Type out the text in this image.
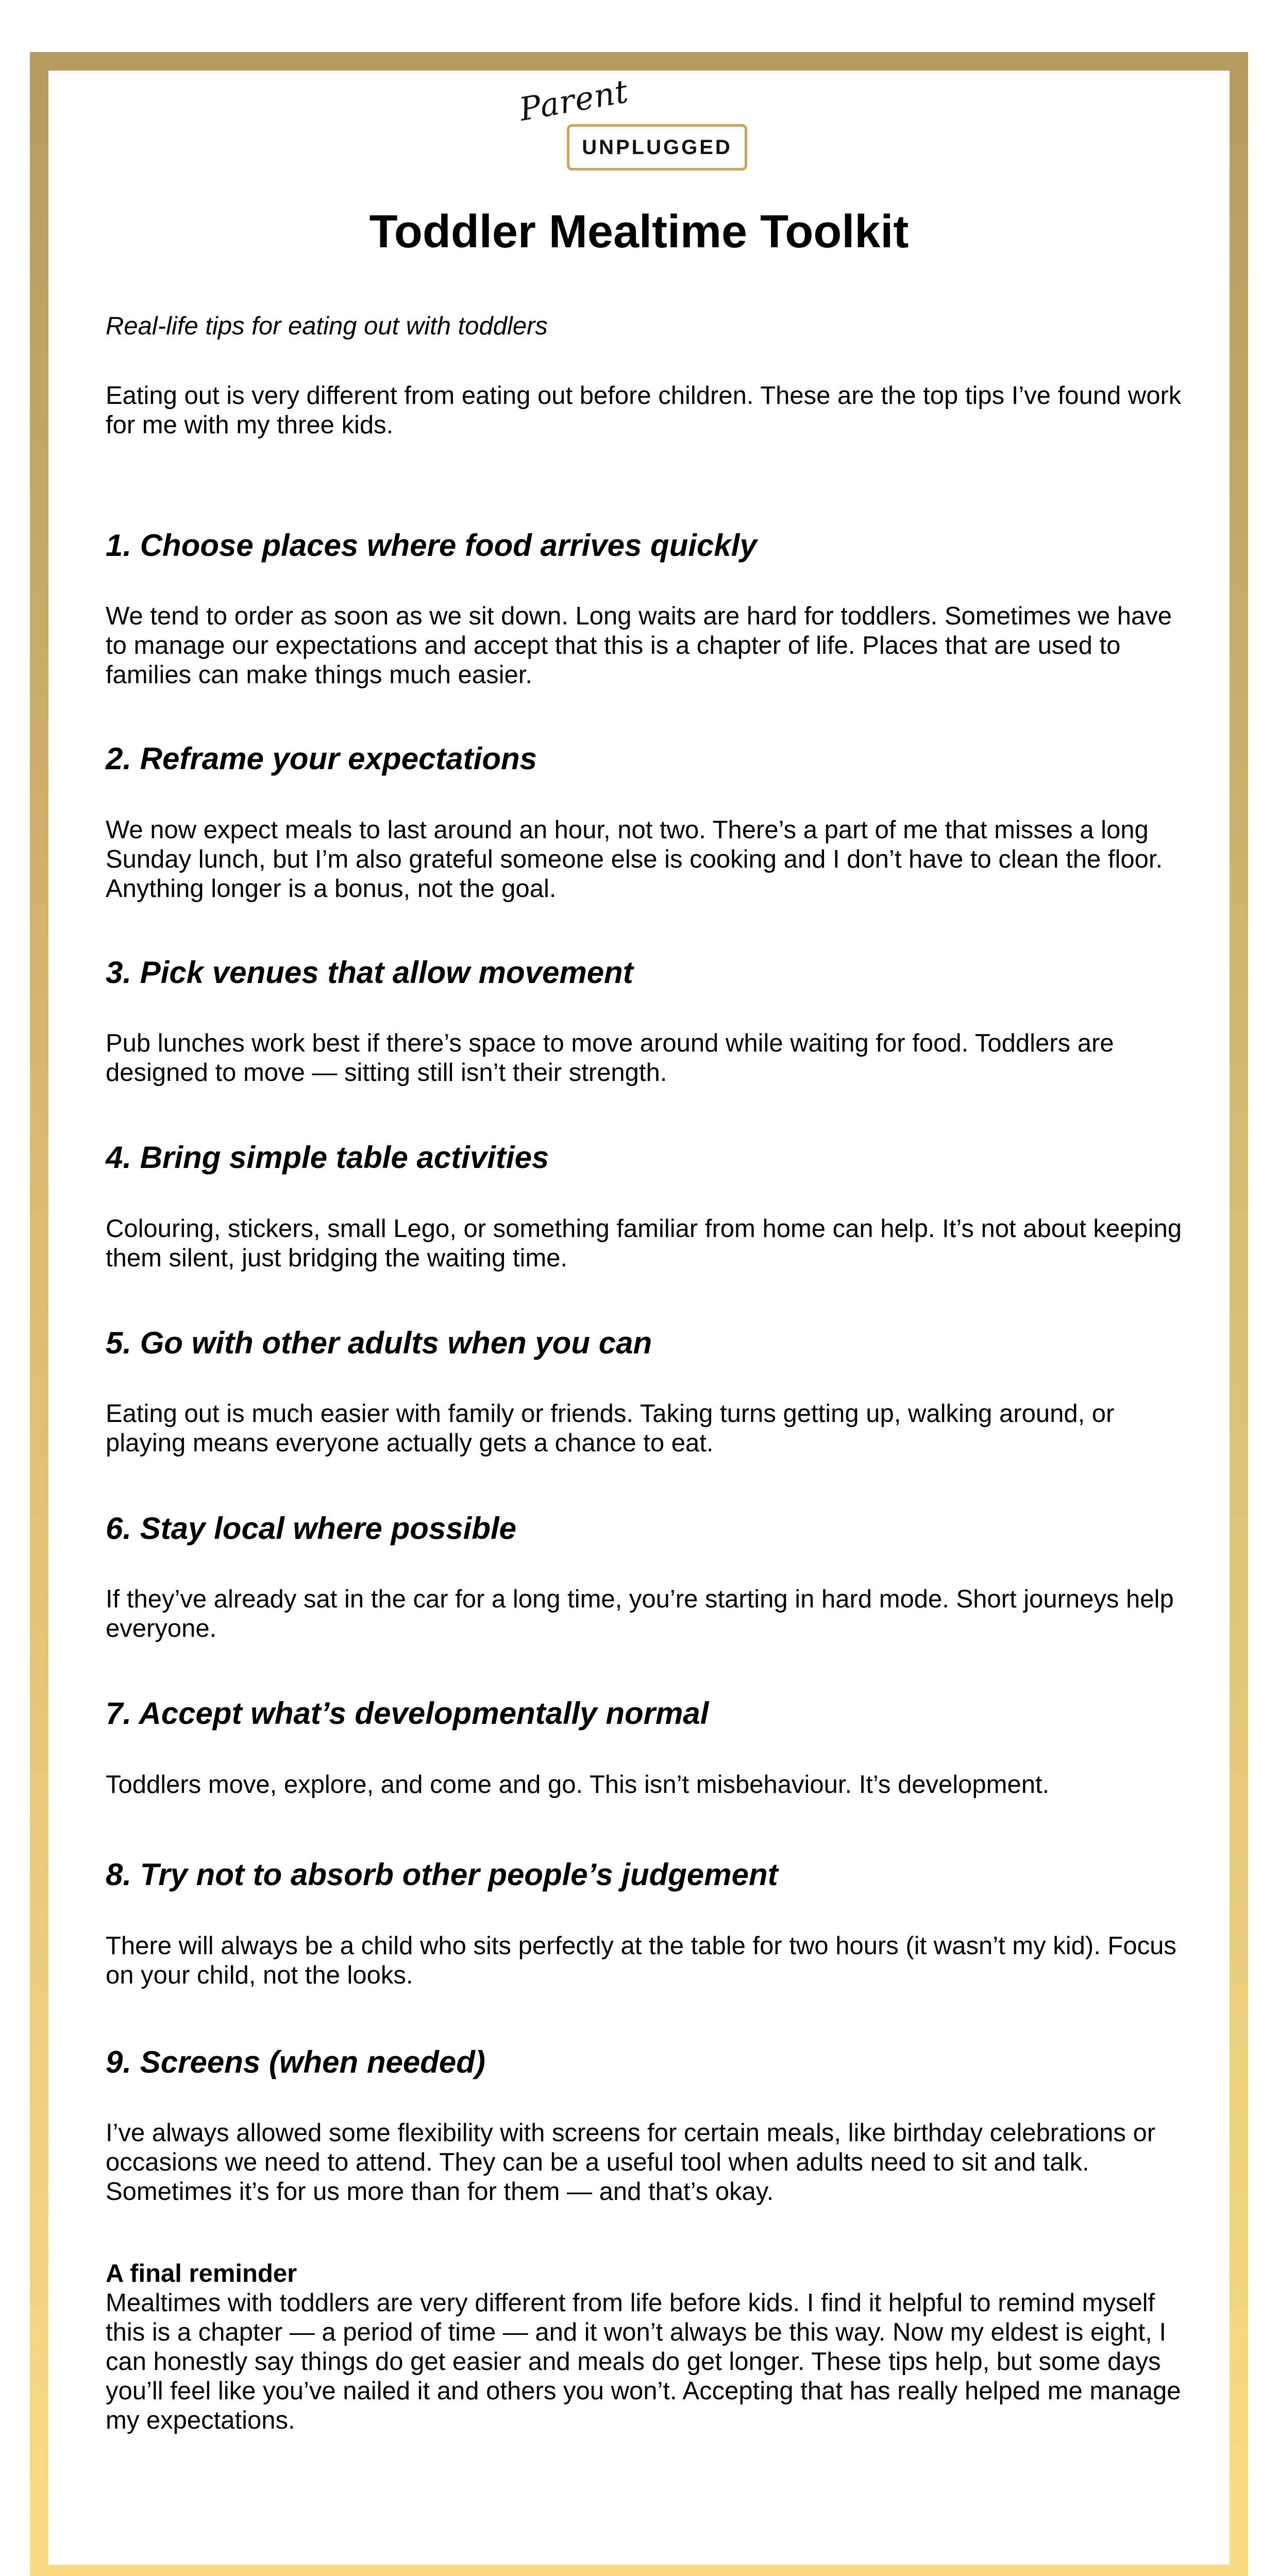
Parent
UNPLUGGED
Toddler Mealtime Toolkit
Real-life tips for eating out with toddlers
Eating out is very different from eating out before children. These are the top tips I’ve found work for me with my three kids.
1. Choose places where food arrives quickly
We tend to order as soon as we sit down. Long waits are hard for toddlers. Sometimes we have to manage our expectations and accept that this is a chapter of life. Places that are used to families can make things much easier.
2. Reframe your expectations
We now expect meals to last around an hour, not two. There’s a part of me that misses a long Sunday lunch, but I’m also grateful someone else is cooking and I don’t have to clean the floor. Anything longer is a bonus, not the goal.
3. Pick venues that allow movement
Pub lunches work best if there’s space to move around while waiting for food. Toddlers are designed to move — sitting still isn’t their strength.
4. Bring simple table activities
Colouring, stickers, small Lego, or something familiar from home can help. It’s not about keeping them silent, just bridging the waiting time.
5. Go with other adults when you can
Eating out is much easier with family or friends. Taking turns getting up, walking around, or playing means everyone actually gets a chance to eat.
6. Stay local where possible
If they’ve already sat in the car for a long time, you’re starting in hard mode. Short journeys help everyone.
7. Accept what’s developmentally normal
Toddlers move, explore, and come and go. This isn’t misbehaviour. It’s development.
8. Try not to absorb other people’s judgement
There will always be a child who sits perfectly at the table for two hours (it wasn’t my kid). Focus on your child, not the looks.
9. Screens (when needed)
I’ve always allowed some flexibility with screens for certain meals, like birthday celebrations or occasions we need to attend. They can be a useful tool when adults need to sit and talk. Sometimes it’s for us more than for them — and that’s okay.
A final reminder
Mealtimes with toddlers are very different from life before kids. I find it helpful to remind myself this is a chapter — a period of time — and it won’t always be this way. Now my eldest is eight, I can honestly say things do get easier and meals do get longer. These tips help, but some days you’ll feel like you’ve nailed it and others you won’t. Accepting that has really helped me manage my expectations.
